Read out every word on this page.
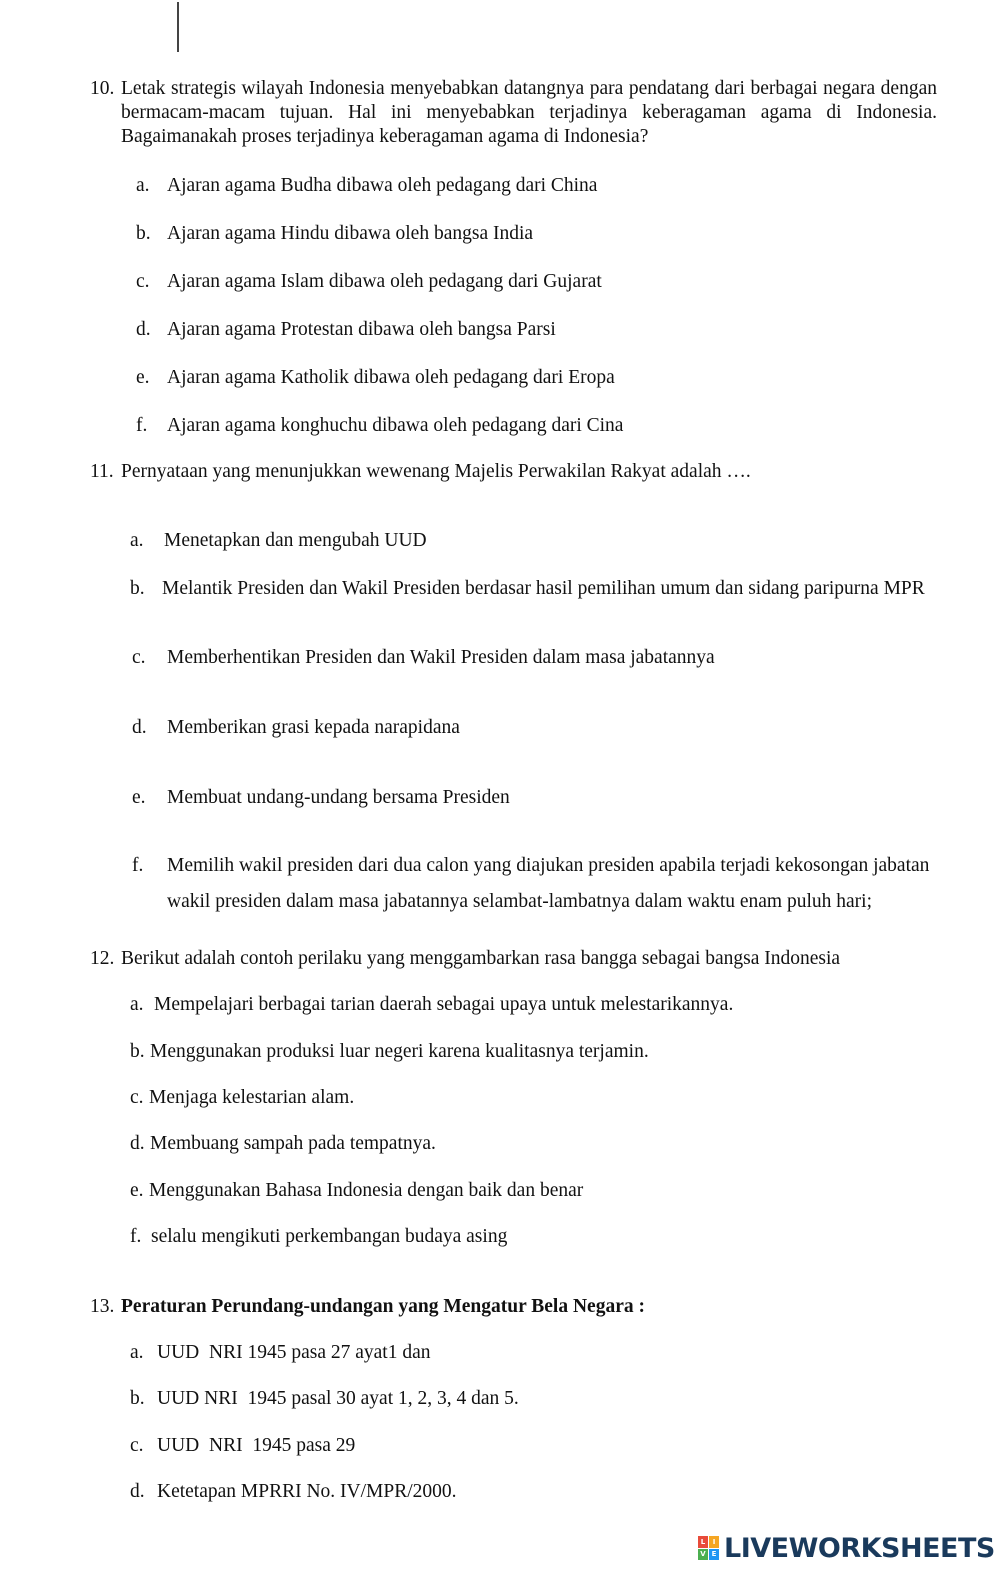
10. Letak strategis wilayah Indonesia menyebabkan datangnya para pendatang dari berbagai negara dengan bermacam-macam tujuan. Hal ini menyebabkan terjadinya keberagaman agama di Indonesia. Bagaimanakah proses terjadinya keberagaman agama di Indonesia?
a. Ajaran agama Budha dibawa oleh pedagang dari China
b. Ajaran agama Hindu dibawa oleh bangsa India
c. Ajaran agama Islam dibawa oleh pedagang dari Gujarat
d. Ajaran agama Protestan dibawa oleh bangsa Parsi
e. Ajaran agama Katholik dibawa oleh pedagang dari Eropa
f. Ajaran agama konghuchu dibawa oleh pedagang dari Cina
11. Pernyataan yang menunjukkan wewenang Majelis Perwakilan Rakyat adalah ….
a. Menetapkan dan mengubah UUD
b. Melantik Presiden dan Wakil Presiden berdasar hasil pemilihan umum dan sidang paripurna MPR
c. Memberhentikan Presiden dan Wakil Presiden dalam masa jabatannya
d. Memberikan grasi kepada narapidana
e. Membuat undang-undang bersama Presiden
f. Memilih wakil presiden dari dua calon yang diajukan presiden apabila terjadi kekosongan jabatan wakil presiden dalam masa jabatannya selambat-lambatnya dalam waktu enam puluh hari;
12. Berikut adalah contoh perilaku yang menggambarkan rasa bangga sebagai bangsa Indonesia
a. Mempelajari berbagai tarian daerah sebagai upaya untuk melestarikannya.
b. Menggunakan produksi luar negeri karena kualitasnya terjamin.
c. Menjaga kelestarian alam.
d. Membuang sampah pada tempatnya.
e. Menggunakan Bahasa Indonesia dengan baik dan benar
f. selalu mengikuti perkembangan budaya asing
13. Peraturan Perundang-undangan yang Mengatur Bela Negara :
a. UUD  NRI 1945 pasa 27 ayat1 dan
b. UUD NRI  1945 pasal 30 ayat 1, 2, 3, 4 dan 5.
c. UUD  NRI  1945 pasa 29
d. Ketetapan MPRRI No. IV/MPR/2000.
L	I
V E LIVEWORKSHEETS
